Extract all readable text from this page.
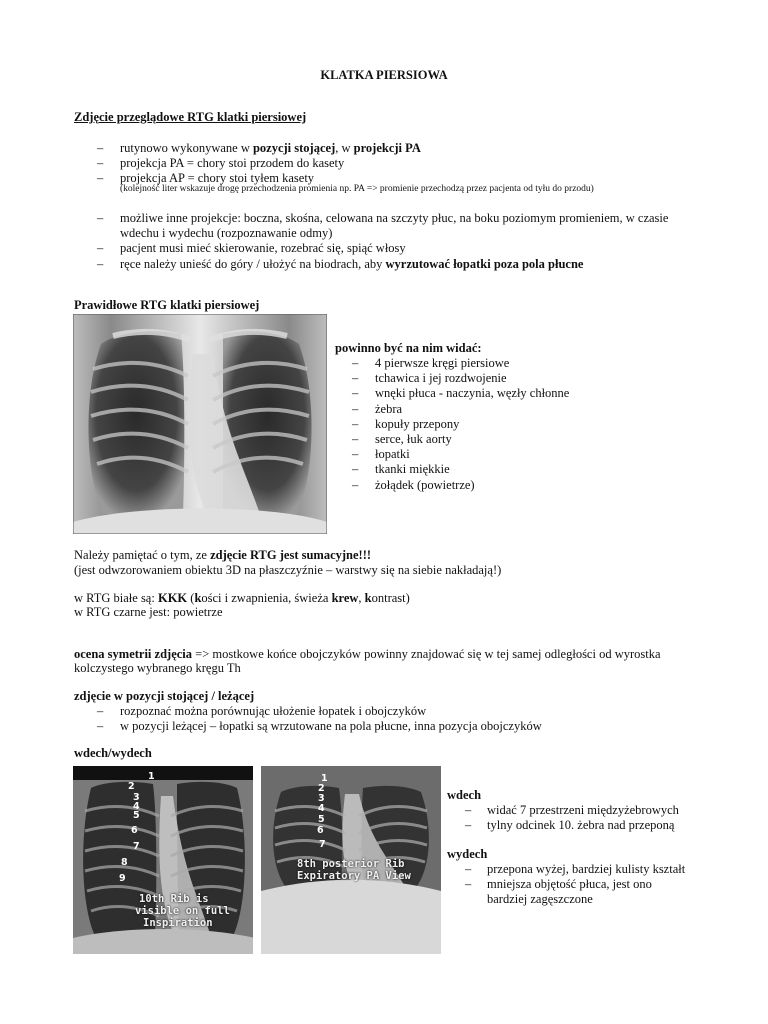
KLATKA PIERSIOWA
Zdjęcie przeglądowe RTG klatki piersiowej
– rutynowo wykonywane w pozycji stojącej, w projekcji PA
– projekcja PA = chory stoi przodem do kasety
– projekcja AP = chory stoi tyłem kasety
(kolejność liter wskazuje drogę przechodzenia promienia np. PA => promienie przechodzą przez pacjenta od tyłu do przodu)
– możliwe inne projekcje: boczna, skośna, celowana na szczyty płuc, na boku poziomym promieniem, w czasie
wdechu i wydechu (rozpoznawanie odmy)
– pacjent musi mieć skierowanie, rozebrać się, spiąć włosy
– ręce należy unieść do góry / ułożyć na biodrach, aby wyrzutować łopatki poza pola płucne
Prawidłowe RTG klatki piersiowej
powinno być na nim widać:
– 4 pierwsze kręgi piersiowe
– tchawica i jej rozdwojenie
– wnęki płuca - naczynia, węzły chłonne
– żebra
– kopuły przepony
– serce, łuk aorty
– łopatki
– tkanki miękkie
– żołądek (powietrze)
Należy pamiętać o tym, ze zdjęcie RTG jest sumacyjne!!!
(jest odwzorowaniem obiektu 3D na płaszczyźnie – warstwy się na siebie nakładają!)
w RTG białe są: KKK (kości i zwapnienia, świeża krew, kontrast)
w RTG czarne jest: powietrze
ocena symetrii zdjęcia => mostkowe końce obojczyków powinny znajdować się w tej samej odległości od wyrostka
kolczystego wybranego kręgu Th
zdjęcie w pozycji stojącej / leżącej
– rozpoznać można porównując ułożenie łopatek i obojczyków
– w pozycji leżącej – łopatki są wrzutowane na pola płucne, inna pozycja obojczyków
wdech/wydech
1
2
3
4
5
6
7
8
9
10th Rib is
visible on full
Inspiration
1
2
3
4
5
6
7
8th posterior Rib
Expiratory PA View
wdech
– widać 7 przestrzeni międzyżebrowych
– tylny odcinek 10. żebra nad przeponą
wydech
– przepona wyżej, bardziej kulisty kształt
– mniejsza objętość płuca, jest ono
bardziej zagęszczone
